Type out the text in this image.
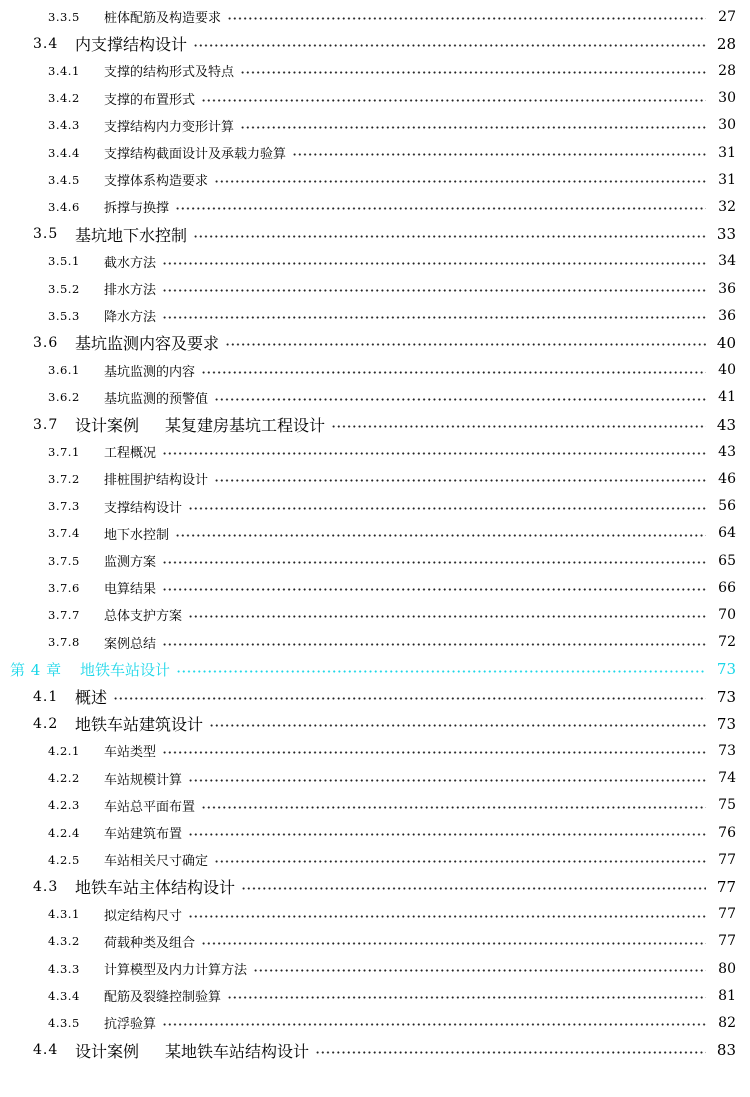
3.3.5	桩体配筋及构造要求	27
3.4	内支撑结构设计	28
3.4.1	支撑的结构形式及特点	28
3.4.2	支撑的布置形式	30
3.4.3	支撑结构内力变形计算	30
3.4.4	支撑结构截面设计及承载力验算	31
3.4.5	支撑体系构造要求	31
3.4.6	拆撑与换撑	32
3.5	基坑地下水控制	33
3.5.1	截水方法	34
3.5.2	排水方法	36
3.5.3	降水方法	36
3.6	基坑监测内容及要求	40
3.6.1	基坑监测的内容	40
3.6.2	基坑监测的预警值	41
3.7	设计案例 某复建房基坑工程设计	43
3.7.1	工程概况	43
3.7.2	排桩围护结构设计	46
3.7.3	支撑结构设计	56
3.7.4	地下水控制	64
3.7.5	监测方案	65
3.7.6	电算结果	66
3.7.7	总体支护方案	70
3.7.8	案例总结	72
第 4 章	地铁车站设计	73
4.1	概述	73
4.2	地铁车站建筑设计	73
4.2.1	车站类型	73
4.2.2	车站规模计算	74
4.2.3	车站总平面布置	75
4.2.4	车站建筑布置	76
4.2.5	车站相关尺寸确定	77
4.3	地铁车站主体结构设计	77
4.3.1	拟定结构尺寸	77
4.3.2	荷载种类及组合	77
4.3.3	计算模型及内力计算方法	80
4.3.4	配筋及裂缝控制验算	81
4.3.5	抗浮验算	82
4.4	设计案例 某地铁车站结构设计	83
